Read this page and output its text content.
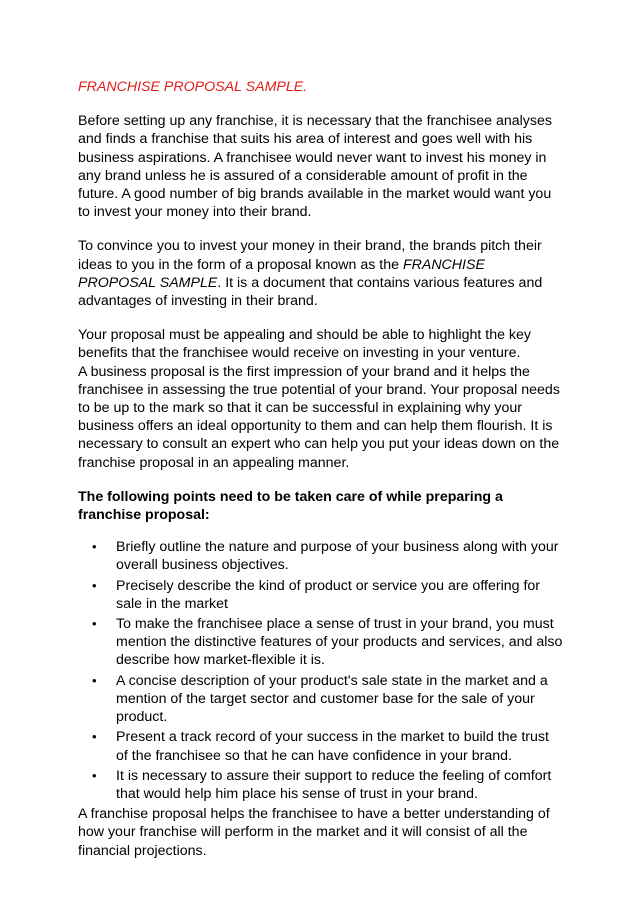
FRANCHISE PROPOSAL SAMPLE.

Before setting up any franchise, it is necessary that the franchisee analyses and finds a franchise that suits his area of interest and goes well with his business aspirations. A franchisee would never want to invest his money in any brand unless he is assured of a considerable amount of profit in the future. A good number of big brands available in the market would want you to invest your money into their brand.

To convince you to invest your money in their brand, the brands pitch their ideas to you in the form of a proposal known as the FRANCHISE PROPOSAL SAMPLE. It is a document that contains various features and advantages of investing in their brand.

Your proposal must be appealing and should be able to highlight the key benefits that the franchisee would receive on investing in your venture.

A business proposal is the first impression of your brand and it helps the franchisee in assessing the true potential of your brand. Your proposal needs to be up to the mark so that it can be successful in explaining why your business offers an ideal opportunity to them and can help them flourish. It is necessary to consult an expert who can help you put your ideas down on the franchise proposal in an appealing manner.

The following points need to be taken care of while preparing a franchise proposal:
• Briefly outline the nature and purpose of your business along with your overall business objectives.
• Precisely describe the kind of product or service you are offering for sale in the market
• To make the franchisee place a sense of trust in your brand, you must mention the distinctive features of your products and services, and also describe how market-flexible it is.
• A concise description of your product's sale state in the market and a mention of the target sector and customer base for the sale of your product.
• Present a track record of your success in the market to build the trust of the franchisee so that he can have confidence in your brand.
• It is necessary to assure their support to reduce the feeling of comfort that would help him place his sense of trust in your brand.

A franchise proposal helps the franchisee to have a better understanding of how your franchise will perform in the market and it will consist of all the financial projections.
